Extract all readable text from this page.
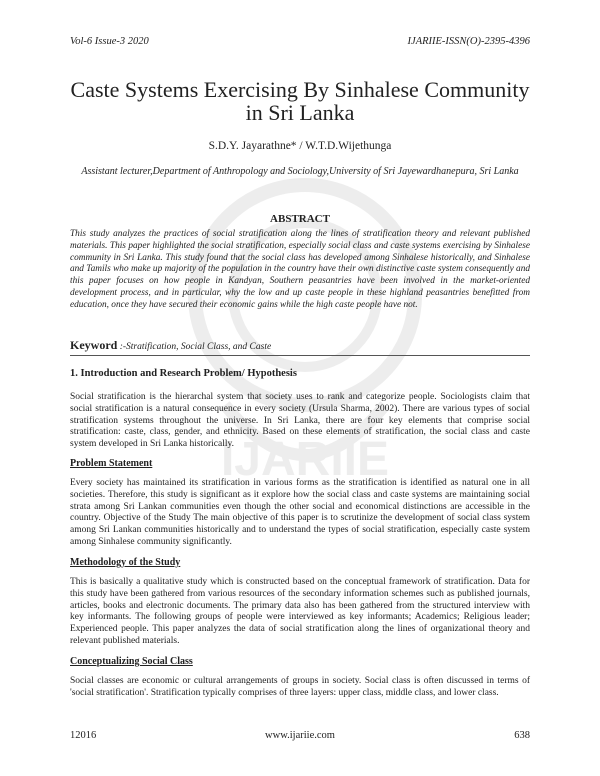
IJARIIE
Vol-6 Issue-3 2020	IJARIIE-ISSN(O)-2395-4396
Caste Systems Exercising By Sinhalese Community in Sri Lanka
S.D.Y. Jayarathne* / W.T.D.Wijethunga
Assistant lecturer,Department of Anthropology and Sociology,University of Sri Jayewardhanepura, Sri Lanka
ABSTRACT
This study analyzes the practices of social stratification along the lines of stratification theory and relevant published materials. This paper highlighted the social stratification, especially social class and caste systems exercising by Sinhalese community in Sri Lanka. This study found that the social class has developed among Sinhalese historically, and Sinhalese and Tamils who make up majority of the population in the country have their own distinctive caste system consequently and this paper focuses on how people in Kandyan, Southern peasantries have been involved in the market-oriented development process, and in particular, why the low and up caste people in these highland peasantries benefitted from education, once they have secured their economic gains while the high caste people have not.
Keyword :-Stratification, Social Class, and Caste
1. Introduction and Research Problem/ Hypothesis
Social stratification is the hierarchal system that society uses to rank and categorize people. Sociologists claim that social stratification is a natural consequence in every society (Ursula Sharma, 2002). There are various types of social stratification systems throughout the universe. In Sri Lanka, there are four key elements that comprise social stratification: caste, class, gender, and ethnicity. Based on these elements of stratification, the social class and caste system developed in Sri Lanka historically.
Problem Statement
Every society has maintained its stratification in various forms as the stratification is identified as natural one in all societies. Therefore, this study is significant as it explore how the social class and caste systems are maintaining social strata among Sri Lankan communities even though the other social and economical distinctions are accessible in the country. Objective of the Study The main objective of this paper is to scrutinize the development of social class system among Sri Lankan communities historically and to understand the types of social stratification, especially caste system among Sinhalese community significantly.
Methodology of the Study
This is basically a qualitative study which is constructed based on the conceptual framework of stratification. Data for this study have been gathered from various resources of the secondary information schemes such as published journals, articles, books and electronic documents. The primary data also has been gathered from the structured interview with key informants. The following groups of people were interviewed as key informants; Academics; Religious leader; Experienced people. This paper analyzes the data of social stratification along the lines of organizational theory and relevant published materials.
Conceptualizing Social Class
Social classes are economic or cultural arrangements of groups in society. Social class is often discussed in terms of 'social stratification'. Stratification typically comprises of three layers: upper class, middle class, and lower class.
12016	www.ijariie.com	638
